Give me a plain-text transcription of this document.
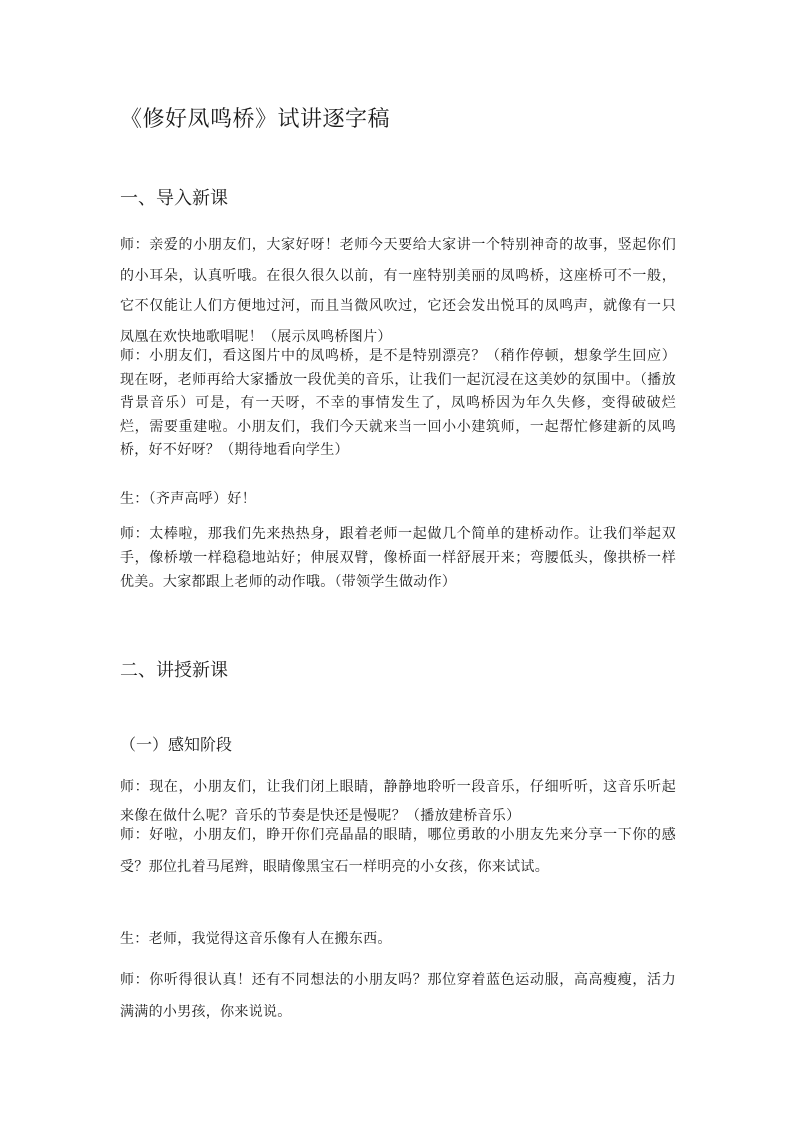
《修好凤鸣桥》试讲逐字稿
一、导入新课
师：亲爱的小朋友们，大家好呀！老师今天要给大家讲一个特别神奇的故事，竖起你们的小耳朵，认真听哦。在很久很久以前，有一座特别美丽的凤鸣桥，这座桥可不一般，它不仅能让人们方便地过河，而且当微风吹过，它还会发出悦耳的凤鸣声，就像有一只凤凰在欢快地歌唱呢！（展示凤鸣桥图片）
师：小朋友们，看这图片中的凤鸣桥，是不是特别漂亮？（稍作停顿，想象学生回应）现在呀，老师再给大家播放一段优美的音乐，让我们一起沉浸在这美妙的氛围中。（播放背景音乐）可是，有一天呀，不幸的事情发生了，凤鸣桥因为年久失修，变得破破烂烂，需要重建啦。小朋友们，我们今天就来当一回小小建筑师，一起帮忙修建新的凤鸣桥，好不好呀？（期待地看向学生）
生：（齐声高呼）好！
师：太棒啦，那我们先来热热身，跟着老师一起做几个简单的建桥动作。让我们举起双手，像桥墩一样稳稳地站好；伸展双臂，像桥面一样舒展开来；弯腰低头，像拱桥一样优美。大家都跟上老师的动作哦。（带领学生做动作）
二、讲授新课
（一）感知阶段
师：现在，小朋友们，让我们闭上眼睛，静静地聆听一段音乐，仔细听听，这音乐听起来像在做什么呢？音乐的节奏是快还是慢呢？（播放建桥音乐）
师：好啦，小朋友们，睁开你们亮晶晶的眼睛，哪位勇敢的小朋友先来分享一下你的感受？那位扎着马尾辫，眼睛像黑宝石一样明亮的小女孩，你来试试。
生：老师，我觉得这音乐像有人在搬东西。
师：你听得很认真！还有不同想法的小朋友吗？那位穿着蓝色运动服，高高瘦瘦，活力满满的小男孩，你来说说。
